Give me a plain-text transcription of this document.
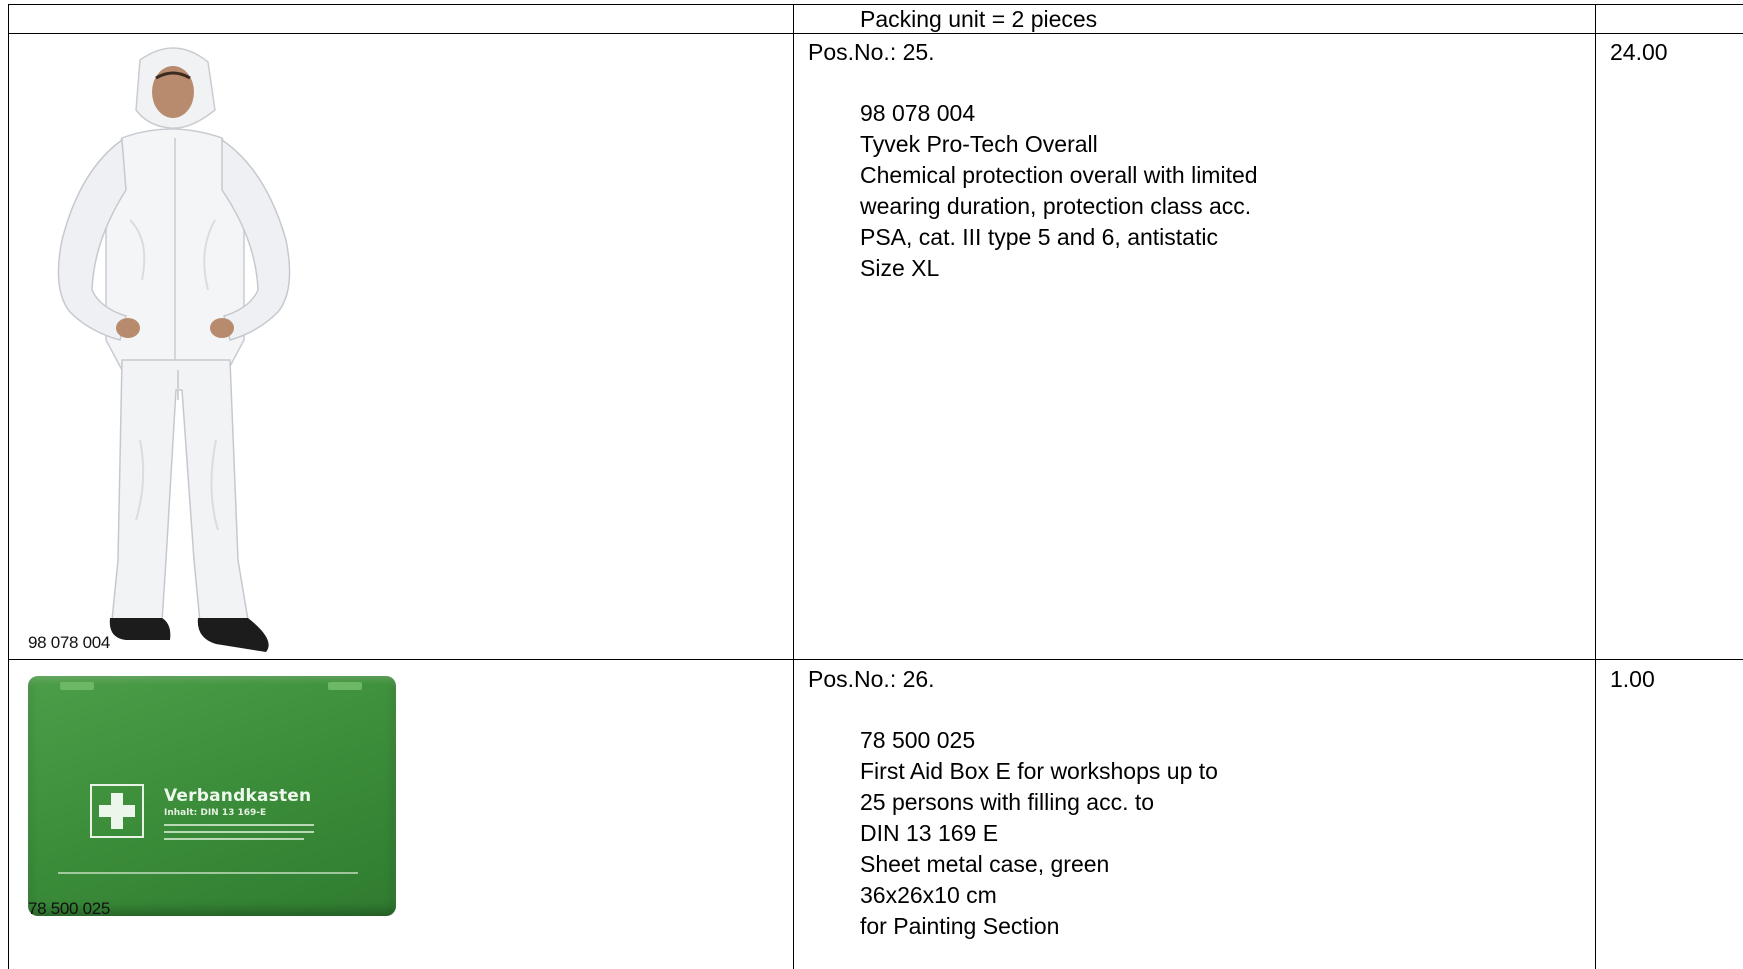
Packing unit = 2 pieces
98 078 004
Pos.No.: 25.
98 078 004
Tyvek Pro-Tech Overall
Chemical protection overall with limited
wearing duration, protection class acc.
PSA, cat. III type 5 and 6, antistatic
Size XL
24.00
Verbandkasten
Inhalt: DIN 13 169-E
78 500 025
Pos.No.: 26.
78 500 025
First Aid Box E for workshops up to
25 persons with filling acc. to
DIN 13 169 E
Sheet metal case, green
36x26x10 cm
for Painting Section
1.00
